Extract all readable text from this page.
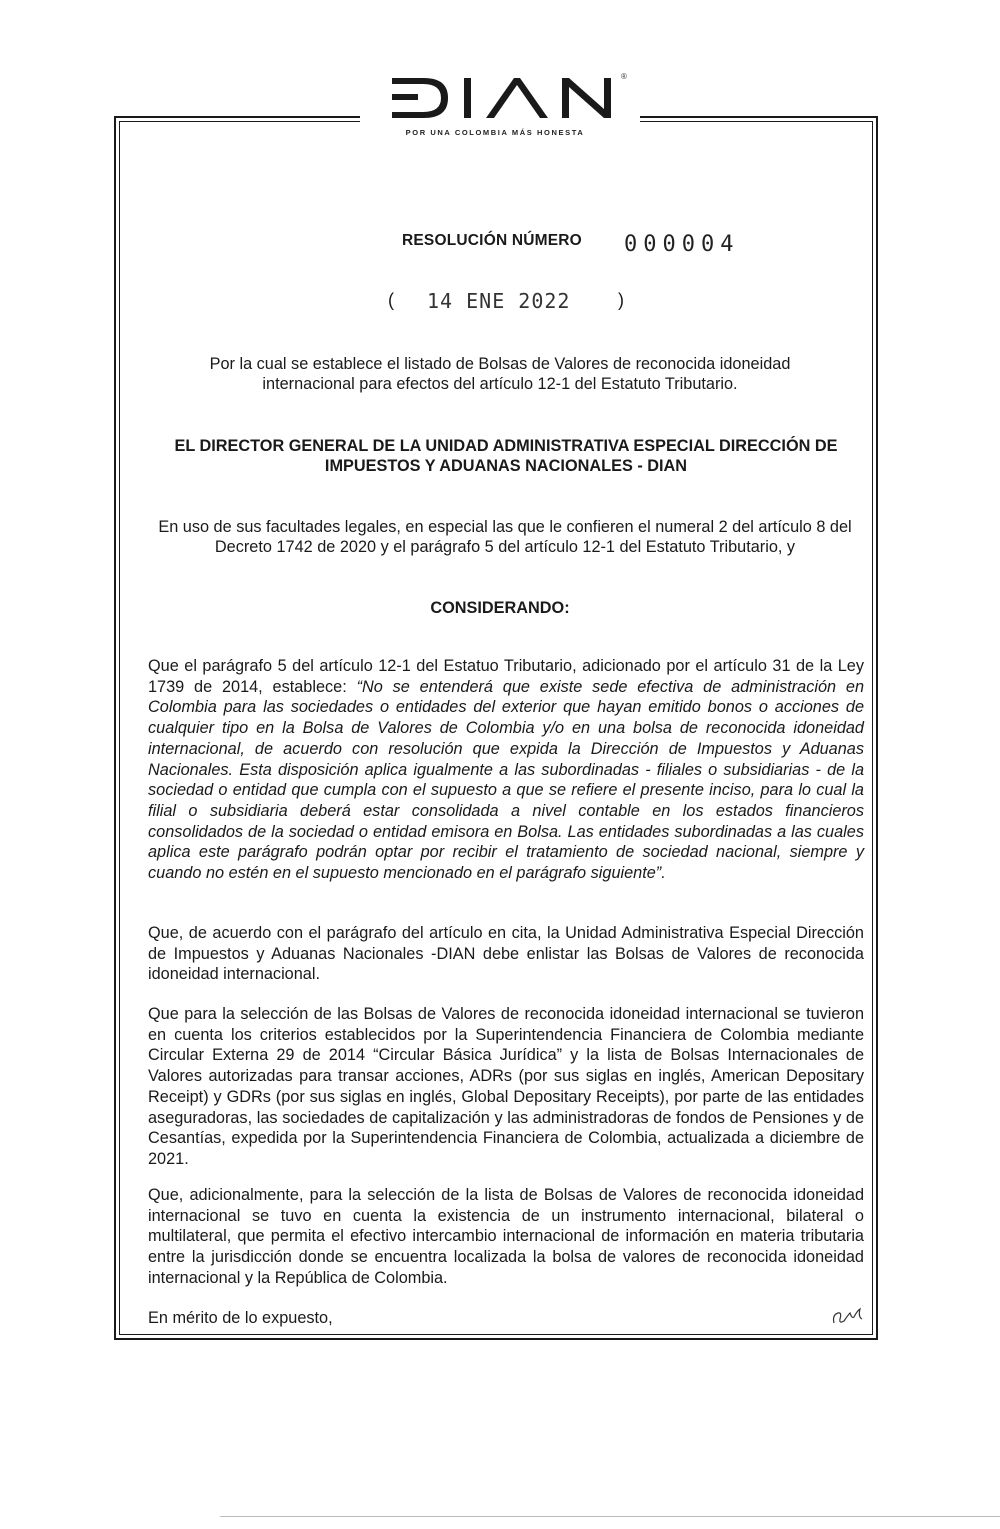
®
POR UNA COLOMBIA MÁS HONESTA
RESOLUCIÓN NÚMERO 000004
( 14 ENE 2022	)
Por la cual se establece el listado de Bolsas de Valores de reconocida idoneidad internacional para efectos del artículo 12-1 del Estatuto Tributario.
EL DIRECTOR GENERAL DE LA UNIDAD ADMINISTRATIVA ESPECIAL DIRECCIÓN DE IMPUESTOS Y ADUANAS NACIONALES - DIAN
En uso de sus facultades legales, en especial las que le confieren el numeral 2 del artículo 8 del Decreto 1742 de 2020 y el parágrafo 5 del artículo 12-1 del Estatuto Tributario, y
CONSIDERANDO:
Que el parágrafo 5 del artículo 12-1 del Estatuo Tributario, adicionado por el artículo 31 de la Ley 1739 de 2014, establece: “No se entenderá que existe sede efectiva de administración en Colombia para las sociedades o entidades del exterior que hayan emitido bonos o acciones de cualquier tipo en la Bolsa de Valores de Colombia y/o en una bolsa de reconocida idoneidad internacional, de acuerdo con resolución que expida la Dirección de Impuestos y Aduanas Nacionales. Esta disposición aplica igualmente a las subordinadas - filiales o subsidiarias - de la sociedad o entidad que cumpla con el supuesto a que se refiere el presente inciso, para lo cual la filial o subsidiaria deberá estar consolidada a nivel contable en los estados financieros consolidados de la sociedad o entidad emisora en Bolsa. Las entidades subordinadas a las cuales aplica este parágrafo podrán optar por recibir el tratamiento de sociedad nacional, siempre y cuando no estén en el supuesto mencionado en el parágrafo siguiente”.
Que, de acuerdo con el parágrafo del artículo en cita, la Unidad Administrativa Especial Dirección de Impuestos y Aduanas Nacionales -DIAN debe enlistar las Bolsas de Valores de reconocida idoneidad internacional.
Que para la selección de las Bolsas de Valores de reconocida idoneidad internacional se tuvieron en cuenta los criterios establecidos por la Superintendencia Financiera de Colombia mediante Circular Externa 29 de 2014 “Circular Básica Jurídica” y la lista de Bolsas Internacionales de Valores autorizadas para transar acciones, ADRs (por sus siglas en inglés, American Depositary Receipt) y GDRs (por sus siglas en inglés, Global Depositary Receipts), por parte de las entidades aseguradoras, las sociedades de capitalización y las administradoras de fondos de Pensiones y de Cesantías, expedida por la Superintendencia Financiera de Colombia, actualizada a diciembre de 2021.
Que, adicionalmente, para la selección de la lista de Bolsas de Valores de reconocida idoneidad internacional se tuvo en cuenta la existencia de un instrumento internacional, bilateral o multilateral, que permita el efectivo intercambio internacional de información en materia tributaria entre la jurisdicción donde se encuentra localizada la bolsa de valores de reconocida idoneidad internacional y la República de Colombia.
En mérito de lo expuesto,
